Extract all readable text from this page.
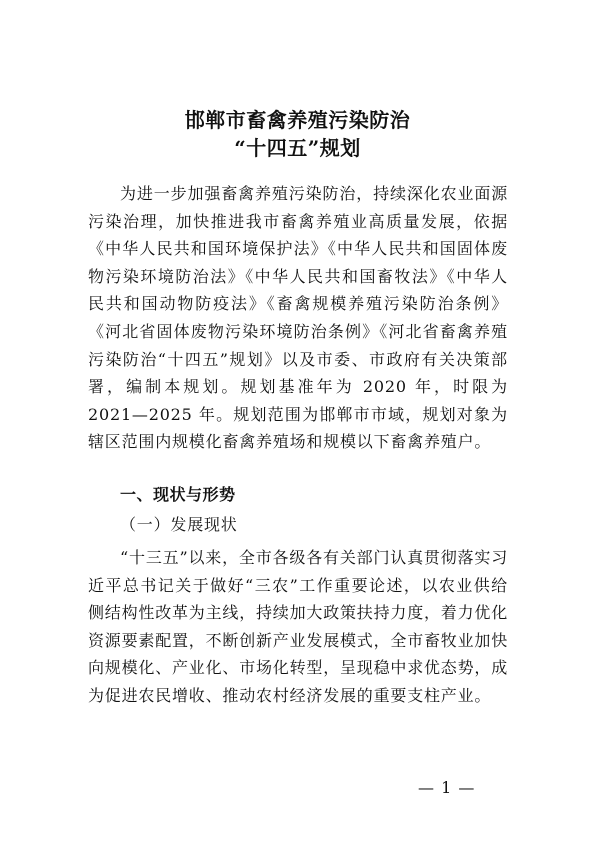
邯郸市畜禽养殖污染防治
“十四五”规划

为进一步加强畜禽养殖污染防治，持续深化农业面源污染治理，加快推进我市畜禽养殖业高质量发展，依据《中华人民共和国环境保护法》《中华人民共和国固体废物污染环境防治法》《中华人民共和国畜牧法》《中华人民共和国动物防疫法》《畜禽规模养殖污染防治条例》《河北省固体废物污染环境防治条例》《河北省畜禽养殖污染防治“十四五”规划》以及市委、市政府有关决策部署，编制本规划。规划基准年为 2020 年，时限为 2021—2025 年。规划范围为邯郸市市域，规划对象为辖区范围内规模化畜禽养殖场和规模以下畜禽养殖户。

一、现状与形势

（一）发展现状

“十三五”以来，全市各级各有关部门认真贯彻落实习近平总书记关于做好“三农”工作重要论述，以农业供给侧结构性改革为主线，持续加大政策扶持力度，着力优化资源要素配置，不断创新产业发展模式，全市畜牧业加快向规模化、产业化、市场化转型，呈现稳中求优态势，成为促进农民增收、推动农村经济发展的重要支柱产业。

— 1 —
